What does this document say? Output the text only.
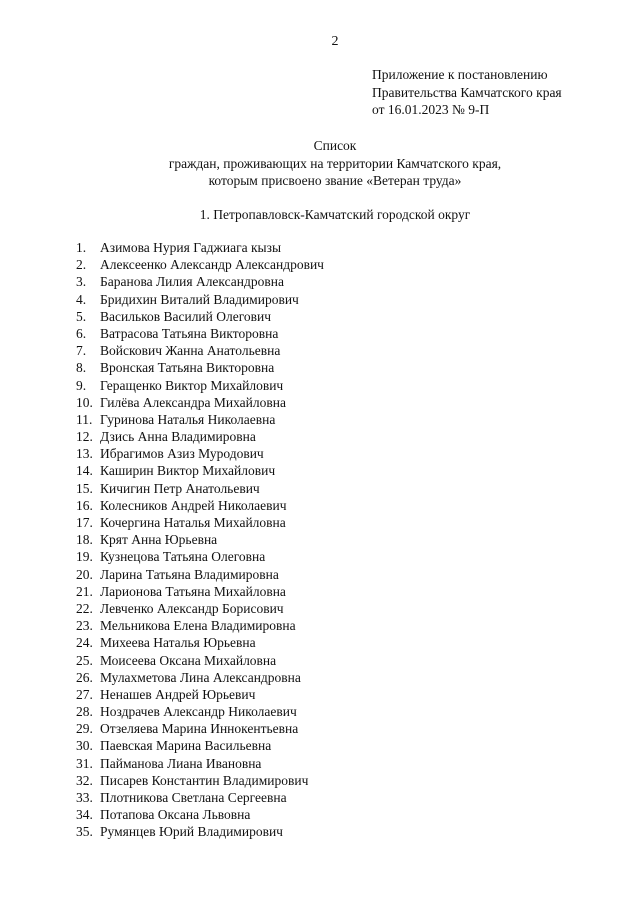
2
Приложение к постановлению
Правительства Камчатского края
от 16.01.2023 № 9-П
Список
граждан, проживающих на территории Камчатского края,
которым присвоено звание «Ветеран труда»
1. Петропавловск-Камчатский городской округ
1.	Азимова Нурия Гаджиага кызы
2.	Алексеенко Александр Александрович
3.	Баранова Лилия Александровна
4.	Бридихин Виталий Владимирович
5.	Васильков Василий Олегович
6.	Ватрасова Татьяна Викторовна
7.	Войскович Жанна Анатольевна
8.	Вронская Татьяна Викторовна
9.	Геращенко Виктор Михайлович
10. Гилёва Александра Михайловна
11. Гуринова Наталья Николаевна
12. Дзись Анна Владимировна
13. Ибрагимов Азиз Муродович
14. Каширин Виктор Михайлович
15. Кичигин Петр Анатольевич
16. Колесников Андрей Николаевич
17. Кочергина Наталья Михайловна
18. Крят Анна Юрьевна
19. Кузнецова Татьяна Олеговна
20. Ларина Татьяна Владимировна
21. Ларионова Татьяна Михайловна
22. Левченко Александр Борисович
23. Мельникова Елена Владимировна
24. Михеева Наталья Юрьевна
25. Моисеева Оксана Михайловна
26. Мулахметова Лина Александровна
27. Ненашев Андрей Юрьевич
28. Ноздрачев Александр Николаевич
29. Отзеляева Марина Иннокентьевна
30. Паевская Марина Васильевна
31. Пайманова Лиана Ивановна
32. Писарев Константин Владимирович
33. Плотникова Светлана Сергеевна
34. Потапова Оксана Львовна
35. Румянцев Юрий Владимирович
